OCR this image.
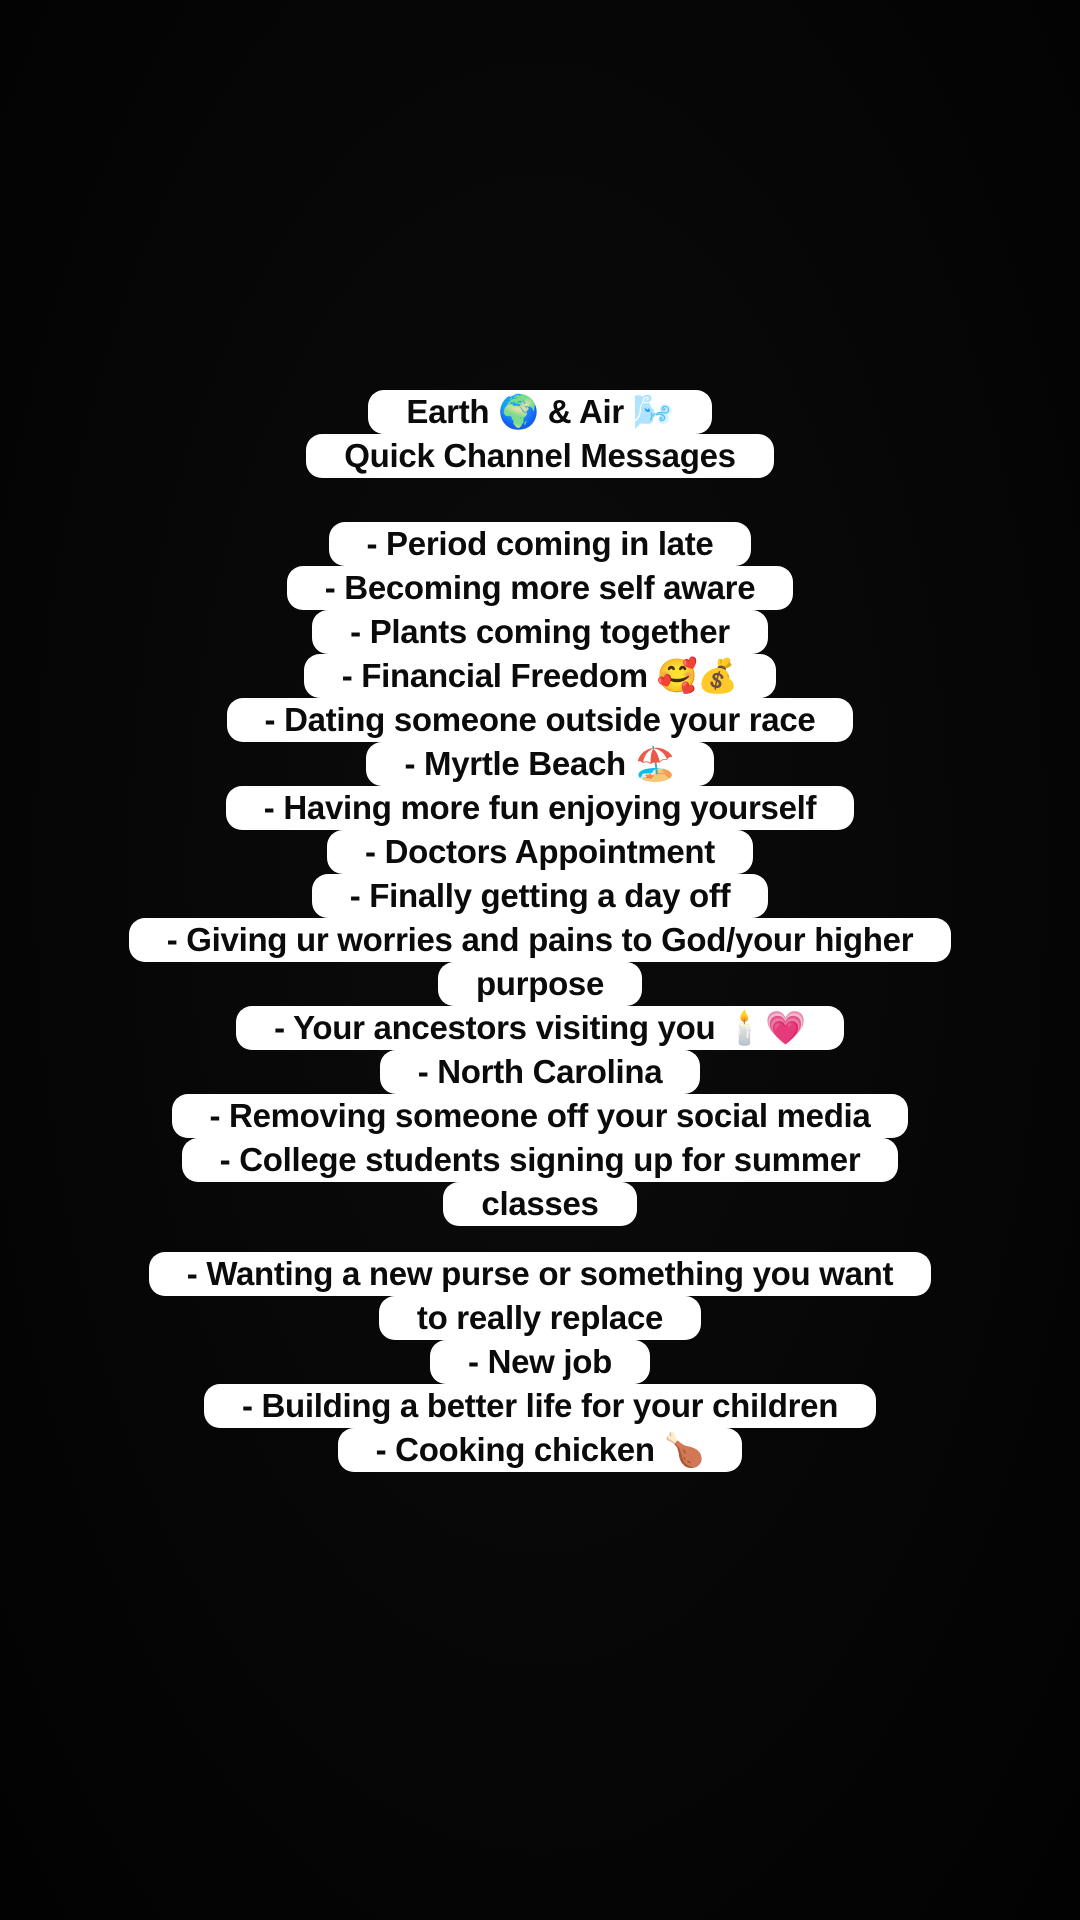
Earth 🌍 & Air 🌬️
Quick Channel Messages
- Period coming in late
- Becoming more self aware
- Plants coming together
- Financial Freedom 🥰💰
- Dating someone outside your race
- Myrtle Beach 🏖️
- Having more fun enjoying yourself
- Doctors Appointment
- Finally getting a day off
- Giving ur worries and pains to God/your higher
purpose
- Your ancestors visiting you 🕯️💗
- North Carolina
- Removing someone off your social media
- College students signing up for summer
classes
- Wanting a new purse or something you want
to really replace
- New job
- Building a better life for your children
- Cooking chicken 🍗
